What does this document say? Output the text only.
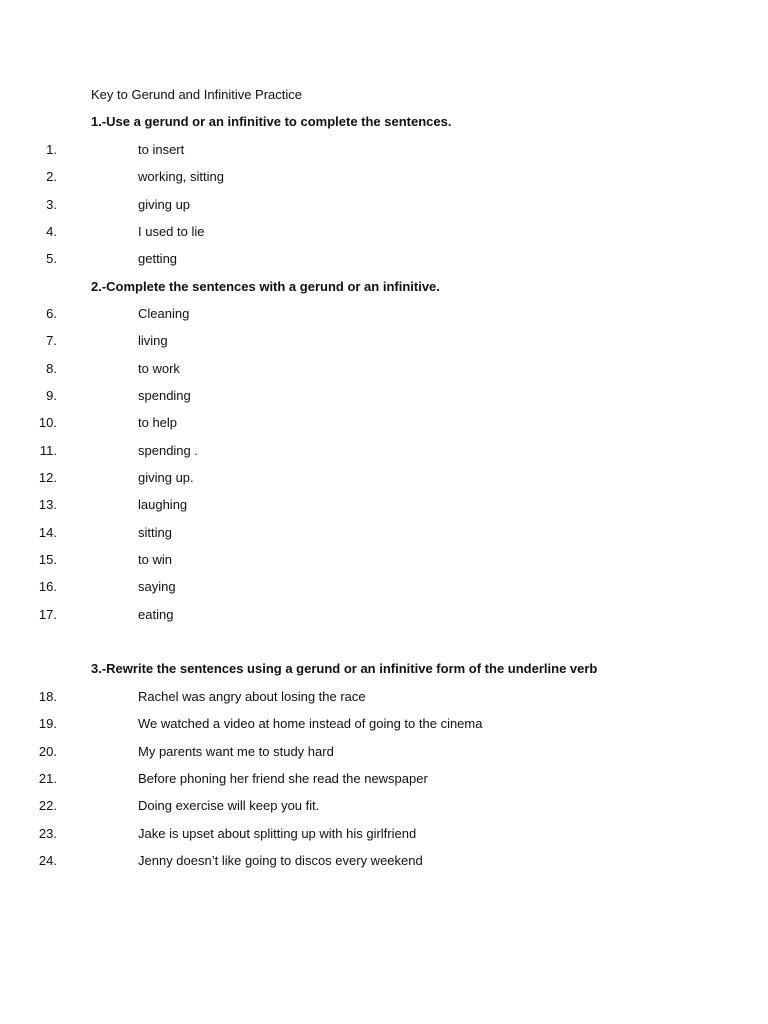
Key to Gerund and Infinitive Practice
1.-Use a gerund or an infinitive to complete the sentences.
1.	to insert
2.	working, sitting
3.	giving up
4.	I used to lie
5.	getting
2.-Complete the sentences with a gerund or an infinitive.
6.	Cleaning
7.	living
8.	to work
9.	spending
10.	to help
11.	spending .
12.	giving up.
13.	laughing
14.	sitting
15.	to win
16.	saying
17.	eating
3.-Rewrite the sentences using a gerund or an infinitive form of the underline verb
18.	Rachel was angry about losing the race
19.	We watched a video at home instead of going to the cinema
20.	My parents want me to study hard
21.	Before phoning her friend she read the newspaper
22.	Doing exercise will keep you fit.
23.	Jake is upset about splitting up with his girlfriend
24.	Jenny doesn’t like going to discos every weekend
